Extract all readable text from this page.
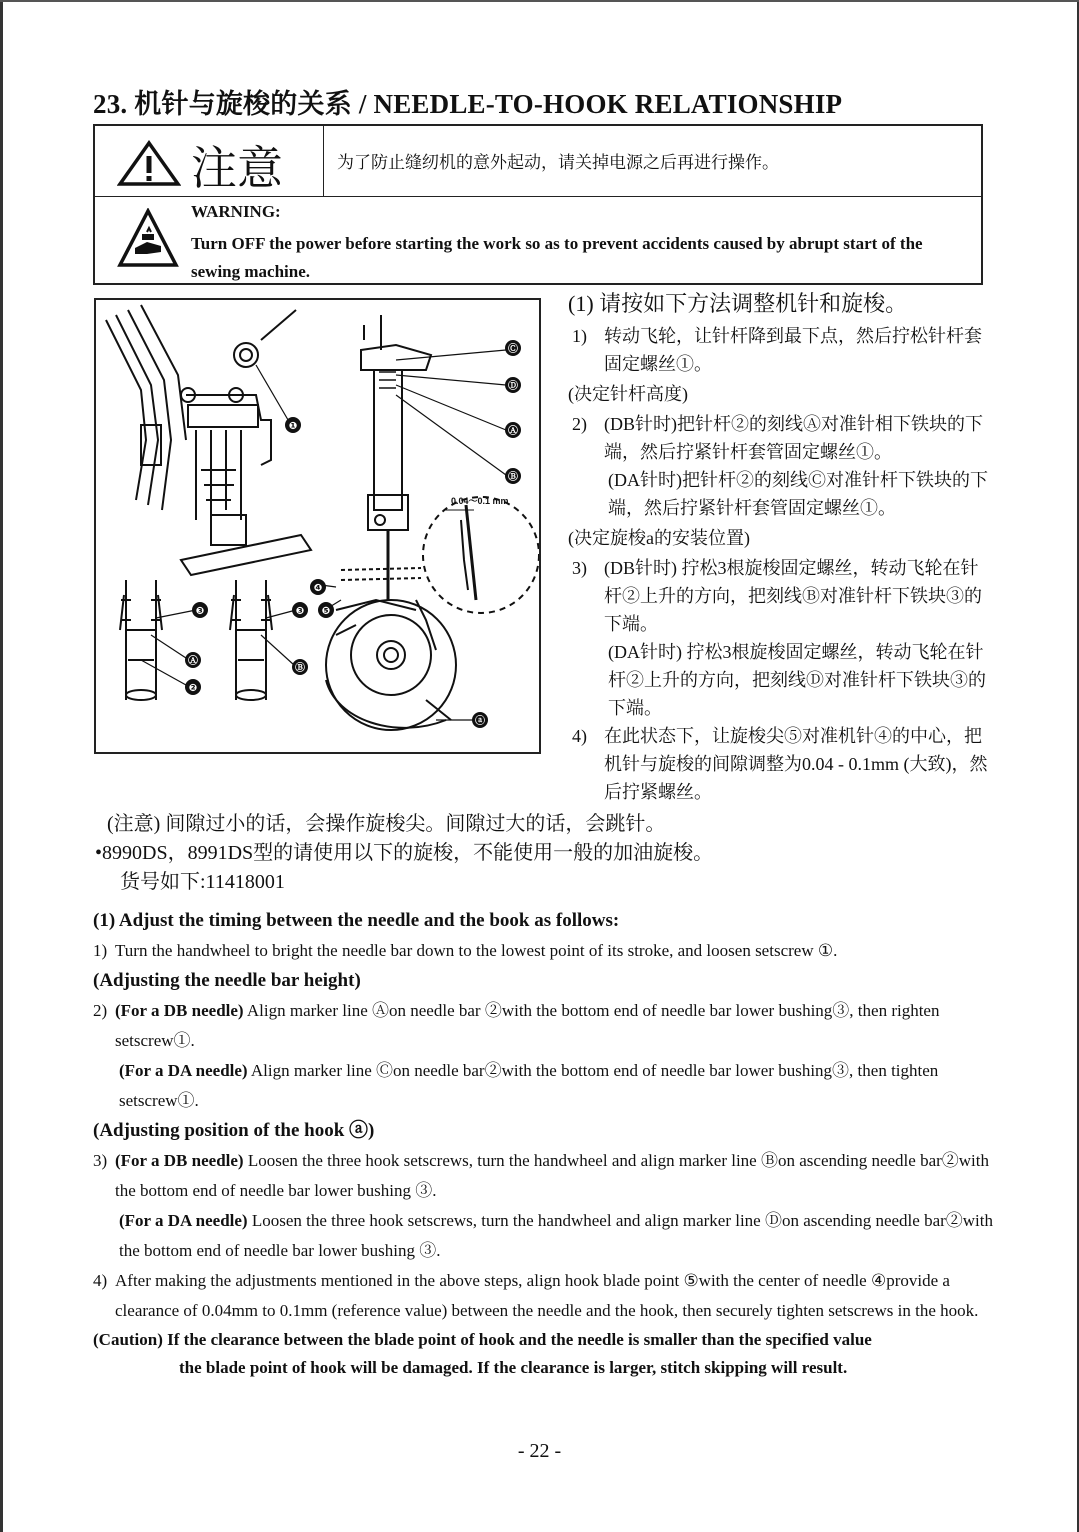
23. 机针与旋梭的关系 / NEEDLE-TO-HOOK RELATIONSHIP
注意	为了防止缝纫机的意外起动，请关掉电源之后再进行操作。
WARNING:
Turn OFF the power before starting the work so as to prevent accidents caused by abrupt start of the sewing machine.
Ⓒ
Ⓓ
Ⓐ
Ⓑ
❶
❹
❺
❸	❸
Ⓐ
❷
Ⓑ
ⓐ
0.04～0.1 mm
(1) 请按如下方法调整机针和旋梭。
1) 转动飞轮，让针杆降到最下点，然后拧松针杆套固定螺丝①。
(决定针杆高度)
2) (DB针时)把针杆②的刻线Ⓐ对准针相下铁块的下端，然后拧紧针杆套管固定螺丝①。
(DA针时)把针杆②的刻线Ⓒ对准针杆下铁块的下端，然后拧紧针杆套管固定螺丝①。
(决定旋梭a的安装位置)
3) (DB针时) 拧松3根旋梭固定螺丝，转动飞轮在针杆②上升的方向，把刻线Ⓑ对准针杆下铁块③的下端。
(DA针时) 拧松3根旋梭固定螺丝，转动飞轮在针杆②上升的方向，把刻线Ⓓ对准针杆下铁块③的下端。
4) 在此状态下，让旋梭尖⑤对准机针④的中心，把机针与旋梭的间隙调整为0.04 - 0.1mm (大致)，然后拧紧螺丝。
(注意) 间隙过小的话，会操作旋梭尖。间隙过大的话，会跳针。
•8990DS，8991DS型的请使用以下的旋梭，不能使用一般的加油旋梭。
货号如下:11418001
(1) Adjust the timing between the needle and the book as follows:
1) Turn the handwheel to bright the needle bar down to the lowest point of its stroke, and loosen setscrew ①.
(Adjusting the needle bar height)
2) (For a DB needle) Align marker line Ⓐon needle bar ②with the bottom end of needle bar lower bushing③, then righten setscrew①.
(For a DA needle) Align marker line Ⓒon needle bar②with the bottom end of needle bar lower bushing③, then tighten setscrew①.
(Adjusting position of the hook ⓐ)
3) (For a DB needle) Loosen the three hook setscrews, turn the handwheel and align marker line Ⓑon ascending needle bar②with the bottom end of needle bar lower bushing ③.
(For a DA needle) Loosen the three hook setscrews, turn the handwheel and align marker line Ⓓon ascending needle bar②with the bottom end of needle bar lower bushing ③.
4) After making the adjustments mentioned in the above steps, align hook blade point ⑤with the center of needle ④provide a clearance of 0.04mm to 0.1mm (reference value) between the needle and the hook, then securely tighten setscrews in the hook.
(Caution) If the clearance between the blade point of hook and the needle is smaller than the specified value
the blade point of hook will be damaged. If the clearance is larger, stitch skipping will result.
- 22 -
